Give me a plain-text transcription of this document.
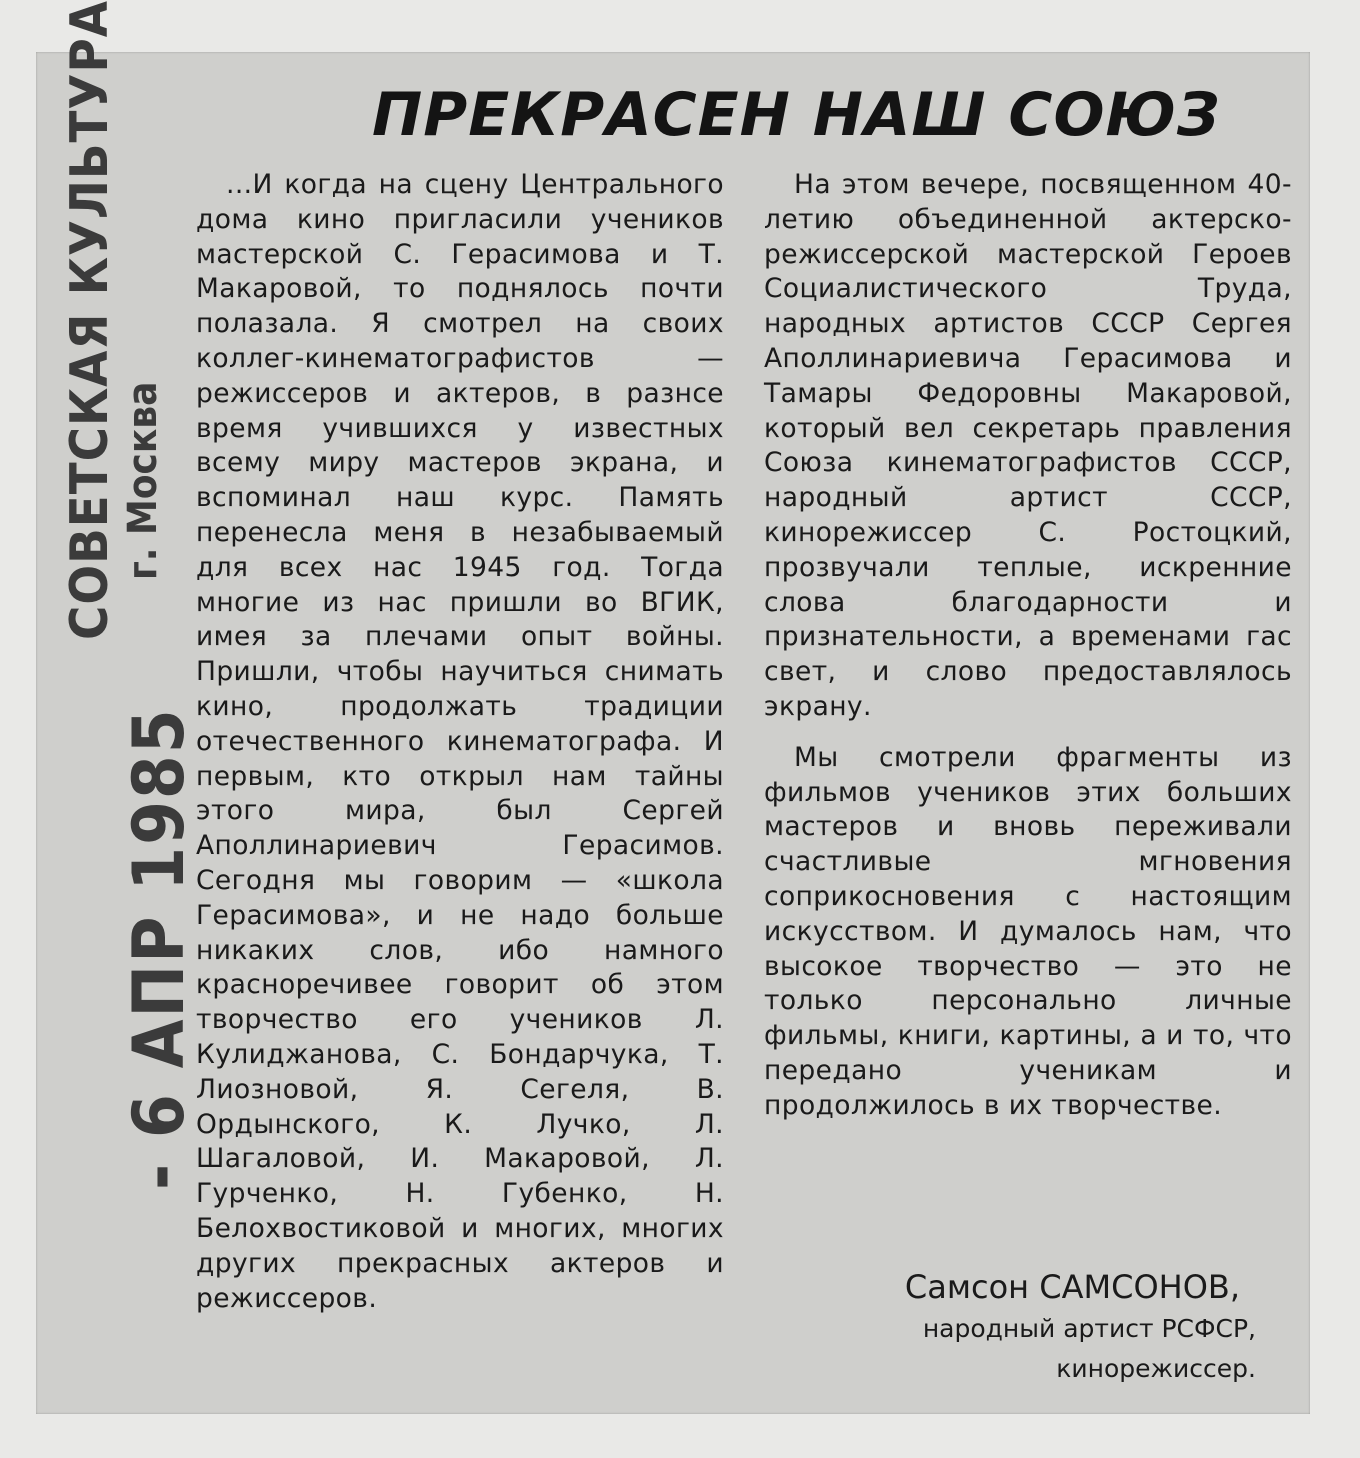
СОВЕТСКАЯ КУЛЬТУРА г. Москва
- 6 АПР 1985
ПРЕКРАСЕН НАШ СОЮЗ

...И когда на сцену Центрального дома кино пригласили учеников мастерской С. Герасимова и Т. Макаровой, то поднялось почти полазала. Я смотрел на своих коллег-кинематографистов — режиссеров и актеров, в разнсе время учившихся у известных всему миру мастеров экрана, и вспоминал наш курс. Память перенесла меня в незабываемый для всех нас 1945 год. Тогда многие из нас пришли во ВГИК, имея за плечами опыт войны. Пришли, чтобы научиться снимать кино, продолжать традиции отечественного кинематографа. И первым, кто открыл нам тайны этого мира, был Сергей Аполлинариевич Герасимов. Сегодня мы говорим — «школа Герасимова», и не надо больше никаких слов, ибо намного красноречивее говорит об этом творчество его учеников Л. Кулиджанова, С. Бондарчука, Т. Лиозновой, Я. Сегеля, В. Ордынского, К. Лучко, Л. Шагаловой, И. Макаровой, Л. Гурченко, Н. Губенко, Н. Белохвостиковой и многих, многих других прекрасных актеров и режиссеров.

На этом вечере, посвященном 40-летию объединенной актерско-режиссерской мастерской Героев Социалистического Труда, народных артистов СССР Сергея Аполлинариевича Герасимова и Тамары Федоровны Макаровой, который вел секретарь правления Союза кинематографистов СССР, народный артист СССР, кинорежиссер С. Ростоцкий, прозвучали теплые, искренние слова благодарности и признательности, а временами гас свет, и слово предоставлялось экрану.

Мы смотрели фрагменты из фильмов учеников этих больших мастеров и вновь переживали счастливые мгновения соприкосновения с настоящим искусством. И думалось нам, что высокое творчество — это не только персонально личные фильмы, книги, картины, а и то, что передано ученикам и продолжилось в их творчестве.

Самсон САМСОНОВ,
народный артист РСФСР,
кинорежиссер.
